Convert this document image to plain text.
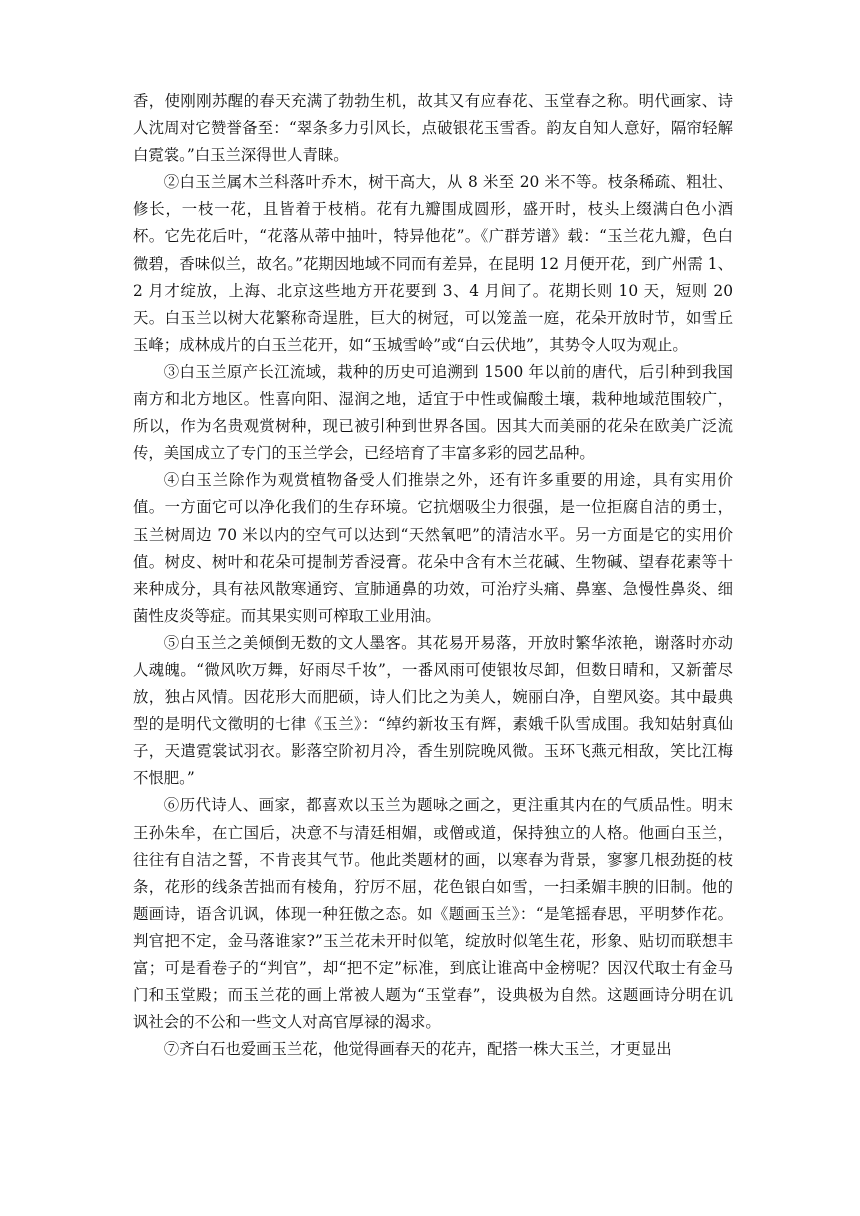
香，使刚刚苏醒的春天充满了勃勃生机，故其又有应春花、玉堂春之称。明代画家、诗人沈周对它赞誉备至：“翠条多力引风长，点破银花玉雪香。韵友自知人意好，隔帘轻解白霓裳。”白玉兰深得世人青睐。

②白玉兰属木兰科落叶乔木，树干高大，从 8 米至 20 米不等。枝条稀疏、粗壮、修长，一枝一花，且皆着于枝梢。花有九瓣围成圆形，盛开时，枝头上缀满白色小酒杯。它先花后叶，“花落从蒂中抽叶，特异他花”。《广群芳谱》载：“玉兰花九瓣，色白微碧，香味似兰，故名。”花期因地域不同而有差异，在昆明 12 月便开花，到广州需 1、2 月才绽放，上海、北京这些地方开花要到 3、4 月间了。花期长则 10 天，短则 20 天。白玉兰以树大花繁称奇逞胜，巨大的树冠，可以笼盖一庭，花朵开放时节，如雪丘玉峰；成林成片的白玉兰花开，如“玉城雪岭”或“白云伏地”，其势令人叹为观止。

③白玉兰原产长江流域，栽种的历史可追溯到 1500 年以前的唐代，后引种到我国南方和北方地区。性喜向阳、湿润之地，适宜于中性或偏酸土壤，栽种地域范围较广，所以，作为名贵观赏树种，现已被引种到世界各国。因其大而美丽的花朵在欧美广泛流传，美国成立了专门的玉兰学会，已经培育了丰富多彩的园艺品种。

④白玉兰除作为观赏植物备受人们推崇之外，还有许多重要的用途，具有实用价值。一方面它可以净化我们的生存环境。它抗烟吸尘力很强，是一位拒腐自洁的勇士，玉兰树周边 70 米以内的空气可以达到“天然氧吧”的清洁水平。另一方面是它的实用价值。树皮、树叶和花朵可提制芳香浸膏。花朵中含有木兰花碱、生物碱、望春花素等十来种成分，具有祛风散寒通窍、宣肺通鼻的功效，可治疗头痛、鼻塞、急慢性鼻炎、细菌性皮炎等症。而其果实则可榨取工业用油。

⑤白玉兰之美倾倒无数的文人墨客。其花易开易落，开放时繁华浓艳，谢落时亦动人魂魄。“微风吹万舞，好雨尽千妆”，一番风雨可使银妆尽卸，但数日晴和，又新蕾尽放，独占风情。因花形大而肥硕，诗人们比之为美人，婉丽白净，自塑风姿。其中最典型的是明代文徵明的七律《玉兰》：“绰约新妆玉有辉，素娥千队雪成围。我知姑射真仙子，天遣霓裳试羽衣。影落空阶初月冷，香生别院晚风微。玉环飞燕元相敌，笑比江梅不恨肥。”

⑥历代诗人、画家，都喜欢以玉兰为题咏之画之，更注重其内在的气质品性。明末王孙朱牟，在亡国后，决意不与清廷相媚，或僧或道，保持独立的人格。他画白玉兰，往往有自洁之誓，不肯丧其气节。他此类题材的画，以寒春为背景，寥寥几根劲挺的枝条，花形的线条苦拙而有棱角，狞厉不屈，花色银白如雪，一扫柔媚丰腴的旧制。他的题画诗，语含讥讽，体现一种狂傲之态。如《题画玉兰》：“是笔摇春思，平明梦作花。判官把不定，金马落谁家?”玉兰花未开时似笔，绽放时似笔生花，形象、贴切而联想丰富；可是看卷子的“判官”，却“把不定”标准，到底让谁高中金榜呢？因汉代取士有金马门和玉堂殿；而玉兰花的画上常被人题为“玉堂春”，设典极为自然。这题画诗分明在讥讽社会的不公和一些文人对高官厚禄的渴求。

⑦齐白石也爱画玉兰花，他觉得画春天的花卉，配搭一株大玉兰，才更显出
